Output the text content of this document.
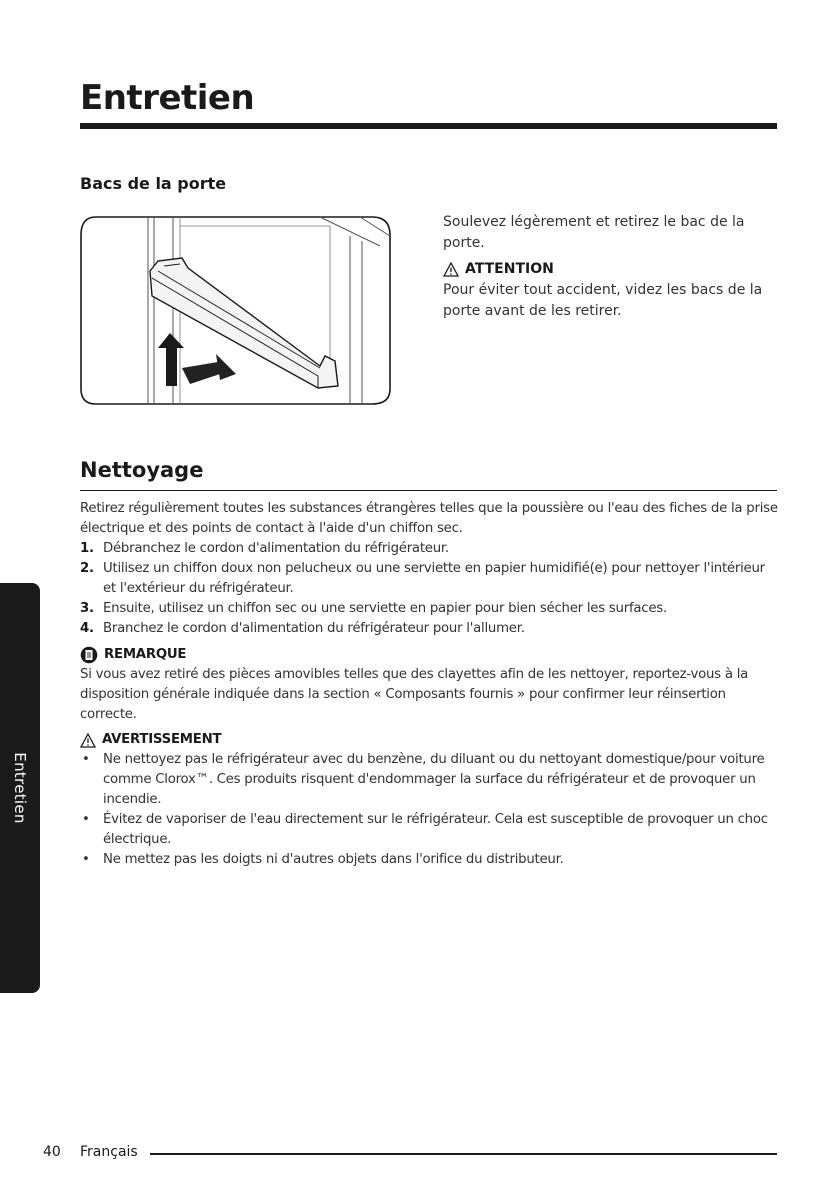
Entretien
Bacs de la porte

Soulevez légèrement et retirez le bac de la porte.

ATTENTION

Pour éviter tout accident, videz les bacs de la porte avant de les retirer.

Nettoyage

Retirez régulièrement toutes les substances étrangères telles que la poussière ou l'eau des fiches de la prise électrique et des points de contact à l'aide d'un chiffon sec.

1. Débranchez le cordon d'alimentation du réfrigérateur.
2. Utilisez un chiffon doux non pelucheux ou une serviette en papier humidifié(e) pour nettoyer l'intérieur et l'extérieur du réfrigérateur.
3. Ensuite, utilisez un chiffon sec ou une serviette en papier pour bien sécher les surfaces.
4. Branchez le cordon d'alimentation du réfrigérateur pour l'allumer.

REMARQUE

Si vous avez retiré des pièces amovibles telles que des clayettes afin de les nettoyer, reportez-vous à la disposition générale indiquée dans la section « Composants fournis » pour confirmer leur réinsertion correcte.

AVERTISSEMENT

• Ne nettoyez pas le réfrigérateur avec du benzène, du diluant ou du nettoyant domestique/pour voiture comme Clorox™. Ces produits risquent d'endommager la surface du réfrigérateur et de provoquer un incendie.
• Évitez de vaporiser de l'eau directement sur le réfrigérateur. Cela est susceptible de provoquer un choc électrique.
• Ne mettez pas les doigts ni d'autres objets dans l'orifice du distributeur.
Entretien
40 Français
